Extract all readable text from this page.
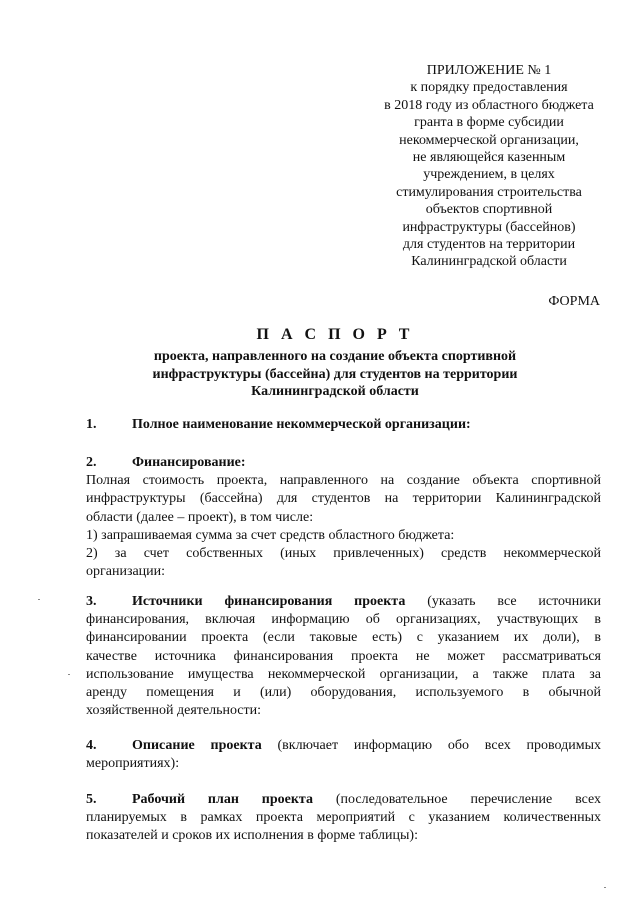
ПРИЛОЖЕНИЕ № 1
к порядку предоставления
в 2018 году из областного бюджета
гранта в форме субсидии
некоммерческой организации,
не являющейся казенным
учреждением, в целях
стимулирования строительства
объектов спортивной
инфраструктуры (бассейнов)
для студентов на территории
Калининградской области
ФОРМА
П А С П О Р Т
проекта, направленного на создание объекта спортивной
инфраструктуры (бассейна) для студентов на территории
Калининградской области
1.	Полное наименование некоммерческой организации:
2.	Финансирование:
Полная стоимость проекта, направленного на создание объекта спортивной
инфраструктуры (бассейна) для студентов на территории Калининградской
области (далее – проект), в том числе:
1) запрашиваемая сумма за счет средств областного бюджета:
2) за счет собственных (иных привлеченных) средств некоммерческой
организации:
3.	Источники финансирования проекта (указать все источники
финансирования, включая информацию об организациях, участвующих в
финансировании проекта (если таковые есть) с указанием их доли), в
качестве источника финансирования проекта не может рассматриваться
использование имущества некоммерческой организации, а также плата за
аренду помещения и (или) оборудования, используемого в обычной
хозяйственной деятельности:
4.	Описание проекта (включает информацию обо всех проводимых
мероприятиях):
5.	Рабочий план проекта (последовательное перечисление всех
планируемых в рамках проекта мероприятий с указанием количественных
показателей и сроков их исполнения в форме таблицы):
